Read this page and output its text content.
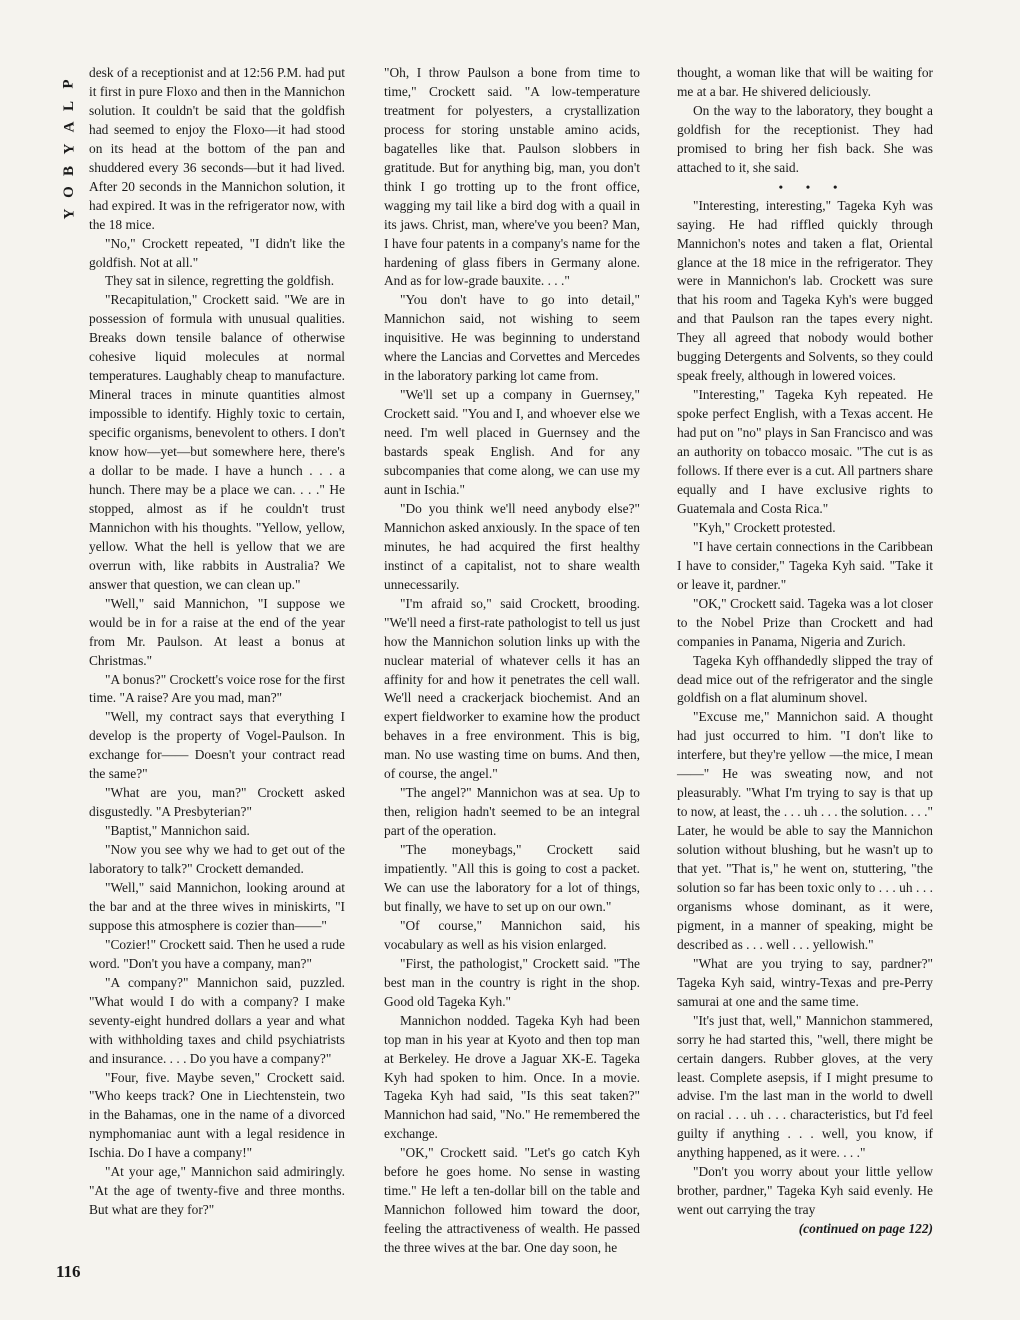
P
L
A
Y
B
O
Y
116

desk of a receptionist and at 12:56 P.M. had put it first in pure Floxo and then in the Mannichon solution. It couldn't be said that the goldfish had seemed to enjoy the Floxo—it had stood on its head at the bottom of the pan and shuddered every 36 seconds—but it had lived. After 20 seconds in the Mannichon solution, it had expired. It was in the refrigerator now, with the 18 mice.

"No," Crockett repeated, "I didn't like the goldfish. Not at all."

They sat in silence, regretting the goldfish.

"Recapitulation," Crockett said. "We are in possession of formula with unusual qualities. Breaks down tensile balance of otherwise cohesive liquid molecules at normal temperatures. Laughably cheap to manufacture. Mineral traces in minute quantities almost impossible to identify. Highly toxic to certain, specific organisms, benevolent to others. I don't know how—yet—but somewhere here, there's a dollar to be made. I have a hunch . . . a hunch. There may be a place we can. . . ." He stopped, almost as if he couldn't trust Mannichon with his thoughts. "Yellow, yellow, yellow. What the hell is yellow that we are overrun with, like rabbits in Australia? We answer that question, we can clean up."

"Well," said Mannichon, "I suppose we would be in for a raise at the end of the year from Mr. Paulson. At least a bonus at Christmas."

"A bonus?" Crockett's voice rose for the first time. "A raise? Are you mad, man?"

"Well, my contract says that everything I develop is the property of Vogel-Paulson. In exchange for—— Doesn't your contract read the same?"

"What are you, man?" Crockett asked disgustedly. "A Presbyterian?"

"Baptist," Mannichon said.

"Now you see why we had to get out of the laboratory to talk?" Crockett demanded.

"Well," said Mannichon, looking around at the bar and at the three wives in miniskirts, "I suppose this atmosphere is cozier than——"

"Cozier!" Crockett said. Then he used a rude word. "Don't you have a company, man?"

"A company?" Mannichon said, puzzled. "What would I do with a company? I make seventy-eight hundred dollars a year and what with withholding taxes and child psychiatrists and insurance. . . . Do you have a company?"

"Four, five. Maybe seven," Crockett said. "Who keeps track? One in Liechtenstein, two in the Bahamas, one in the name of a divorced nymphomaniac aunt with a legal residence in Ischia. Do I have a company!"

"At your age," Mannichon said admiringly. "At the age of twenty-five and three months. But what are they for?"

"Oh, I throw Paulson a bone from time to time," Crockett said. "A low-temperature treatment for polyesters, a crystallization process for storing unstable amino acids, bagatelles like that. Paulson slobbers in gratitude. But for anything big, man, you don't think I go trotting up to the front office, wagging my tail like a bird dog with a quail in its jaws. Christ, man, where've you been? Man, I have four patents in a company's name for the hardening of glass fibers in Germany alone. And as for low-grade bauxite. . . ."

"You don't have to go into detail," Mannichon said, not wishing to seem inquisitive. He was beginning to understand where the Lancias and Corvettes and Mercedes in the laboratory parking lot came from.

"We'll set up a company in Guernsey," Crockett said. "You and I, and whoever else we need. I'm well placed in Guernsey and the bastards speak English. And for any subcompanies that come along, we can use my aunt in Ischia."

"Do you think we'll need anybody else?" Mannichon asked anxiously. In the space of ten minutes, he had acquired the first healthy instinct of a capitalist, not to share wealth unnecessarily.

"I'm afraid so," said Crockett, brooding. "We'll need a first-rate pathologist to tell us just how the Mannichon solution links up with the nuclear material of whatever cells it has an affinity for and how it penetrates the cell wall. We'll need a crackerjack biochemist. And an expert fieldworker to examine how the product behaves in a free environment. This is big, man. No use wasting time on bums. And then, of course, the angel."

"The angel?" Mannichon was at sea. Up to then, religion hadn't seemed to be an integral part of the operation.

"The moneybags," Crockett said impatiently. "All this is going to cost a packet. We can use the laboratory for a lot of things, but finally, we have to set up on our own."

"Of course," Mannichon said, his vocabulary as well as his vision enlarged.

"First, the pathologist," Crockett said. "The best man in the country is right in the shop. Good old Tageka Kyh."

Mannichon nodded. Tageka Kyh had been top man in his year at Kyoto and then top man at Berkeley. He drove a Jaguar XK-E. Tageka Kyh had spoken to him. Once. In a movie. Tageka Kyh had said, "Is this seat taken?" Mannichon had said, "No." He remembered the exchange.

"OK," Crockett said. "Let's go catch Kyh before he goes home. No sense in wasting time." He left a ten-dollar bill on the table and Mannichon followed him toward the door, feeling the attractiveness of wealth. He passed the three wives at the bar. One day soon, he

thought, a woman like that will be waiting for me at a bar. He shivered deliciously.

On the way to the laboratory, they bought a goldfish for the receptionist. They had promised to bring her fish back. She was attached to it, she said.

• • •

"Interesting, interesting," Tageka Kyh was saying. He had riffled quickly through Mannichon's notes and taken a flat, Oriental glance at the 18 mice in the refrigerator. They were in Mannichon's lab. Crockett was sure that his room and Tageka Kyh's were bugged and that Paulson ran the tapes every night. They all agreed that nobody would bother bugging Detergents and Solvents, so they could speak freely, although in lowered voices.

"Interesting," Tageka Kyh repeated. He spoke perfect English, with a Texas accent. He had put on "no" plays in San Francisco and was an authority on tobacco mosaic. "The cut is as follows. If there ever is a cut. All partners share equally and I have exclusive rights to Guatemala and Costa Rica."

"Kyh," Crockett protested.

"I have certain connections in the Caribbean I have to consider," Tageka Kyh said. "Take it or leave it, pardner."

"OK," Crockett said. Tageka was a lot closer to the Nobel Prize than Crockett and had companies in Panama, Nigeria and Zurich.

Tageka Kyh offhandedly slipped the tray of dead mice out of the refrigerator and the single goldfish on a flat aluminum shovel.

"Excuse me," Mannichon said. A thought had just occurred to him. "I don't like to interfere, but they're yellow —the mice, I mean——" He was sweating now, and not pleasurably. "What I'm trying to say is that up to now, at least, the . . . uh . . . the solution. . . ." Later, he would be able to say the Mannichon solution without blushing, but he wasn't up to that yet. "That is," he went on, stuttering, "the solution so far has been toxic only to . . . uh . . . organisms whose dominant, as it were, pigment, in a manner of speaking, might be described as . . . well . . . yellowish."

"What are you trying to say, pardner?" Tageka Kyh said, wintry-Texas and pre-Perry samurai at one and the same time.

"It's just that, well," Mannichon stammered, sorry he had started this, "well, there might be certain dangers. Rubber gloves, at the very least. Complete asepsis, if I might presume to advise. I'm the last man in the world to dwell on racial . . . uh . . . characteristics, but I'd feel guilty if anything . . . well, you know, if anything happened, as it were. . . ."

"Don't you worry about your little yellow brother, pardner," Tageka Kyh said evenly. He went out carrying the tray

(continued on page 122)
